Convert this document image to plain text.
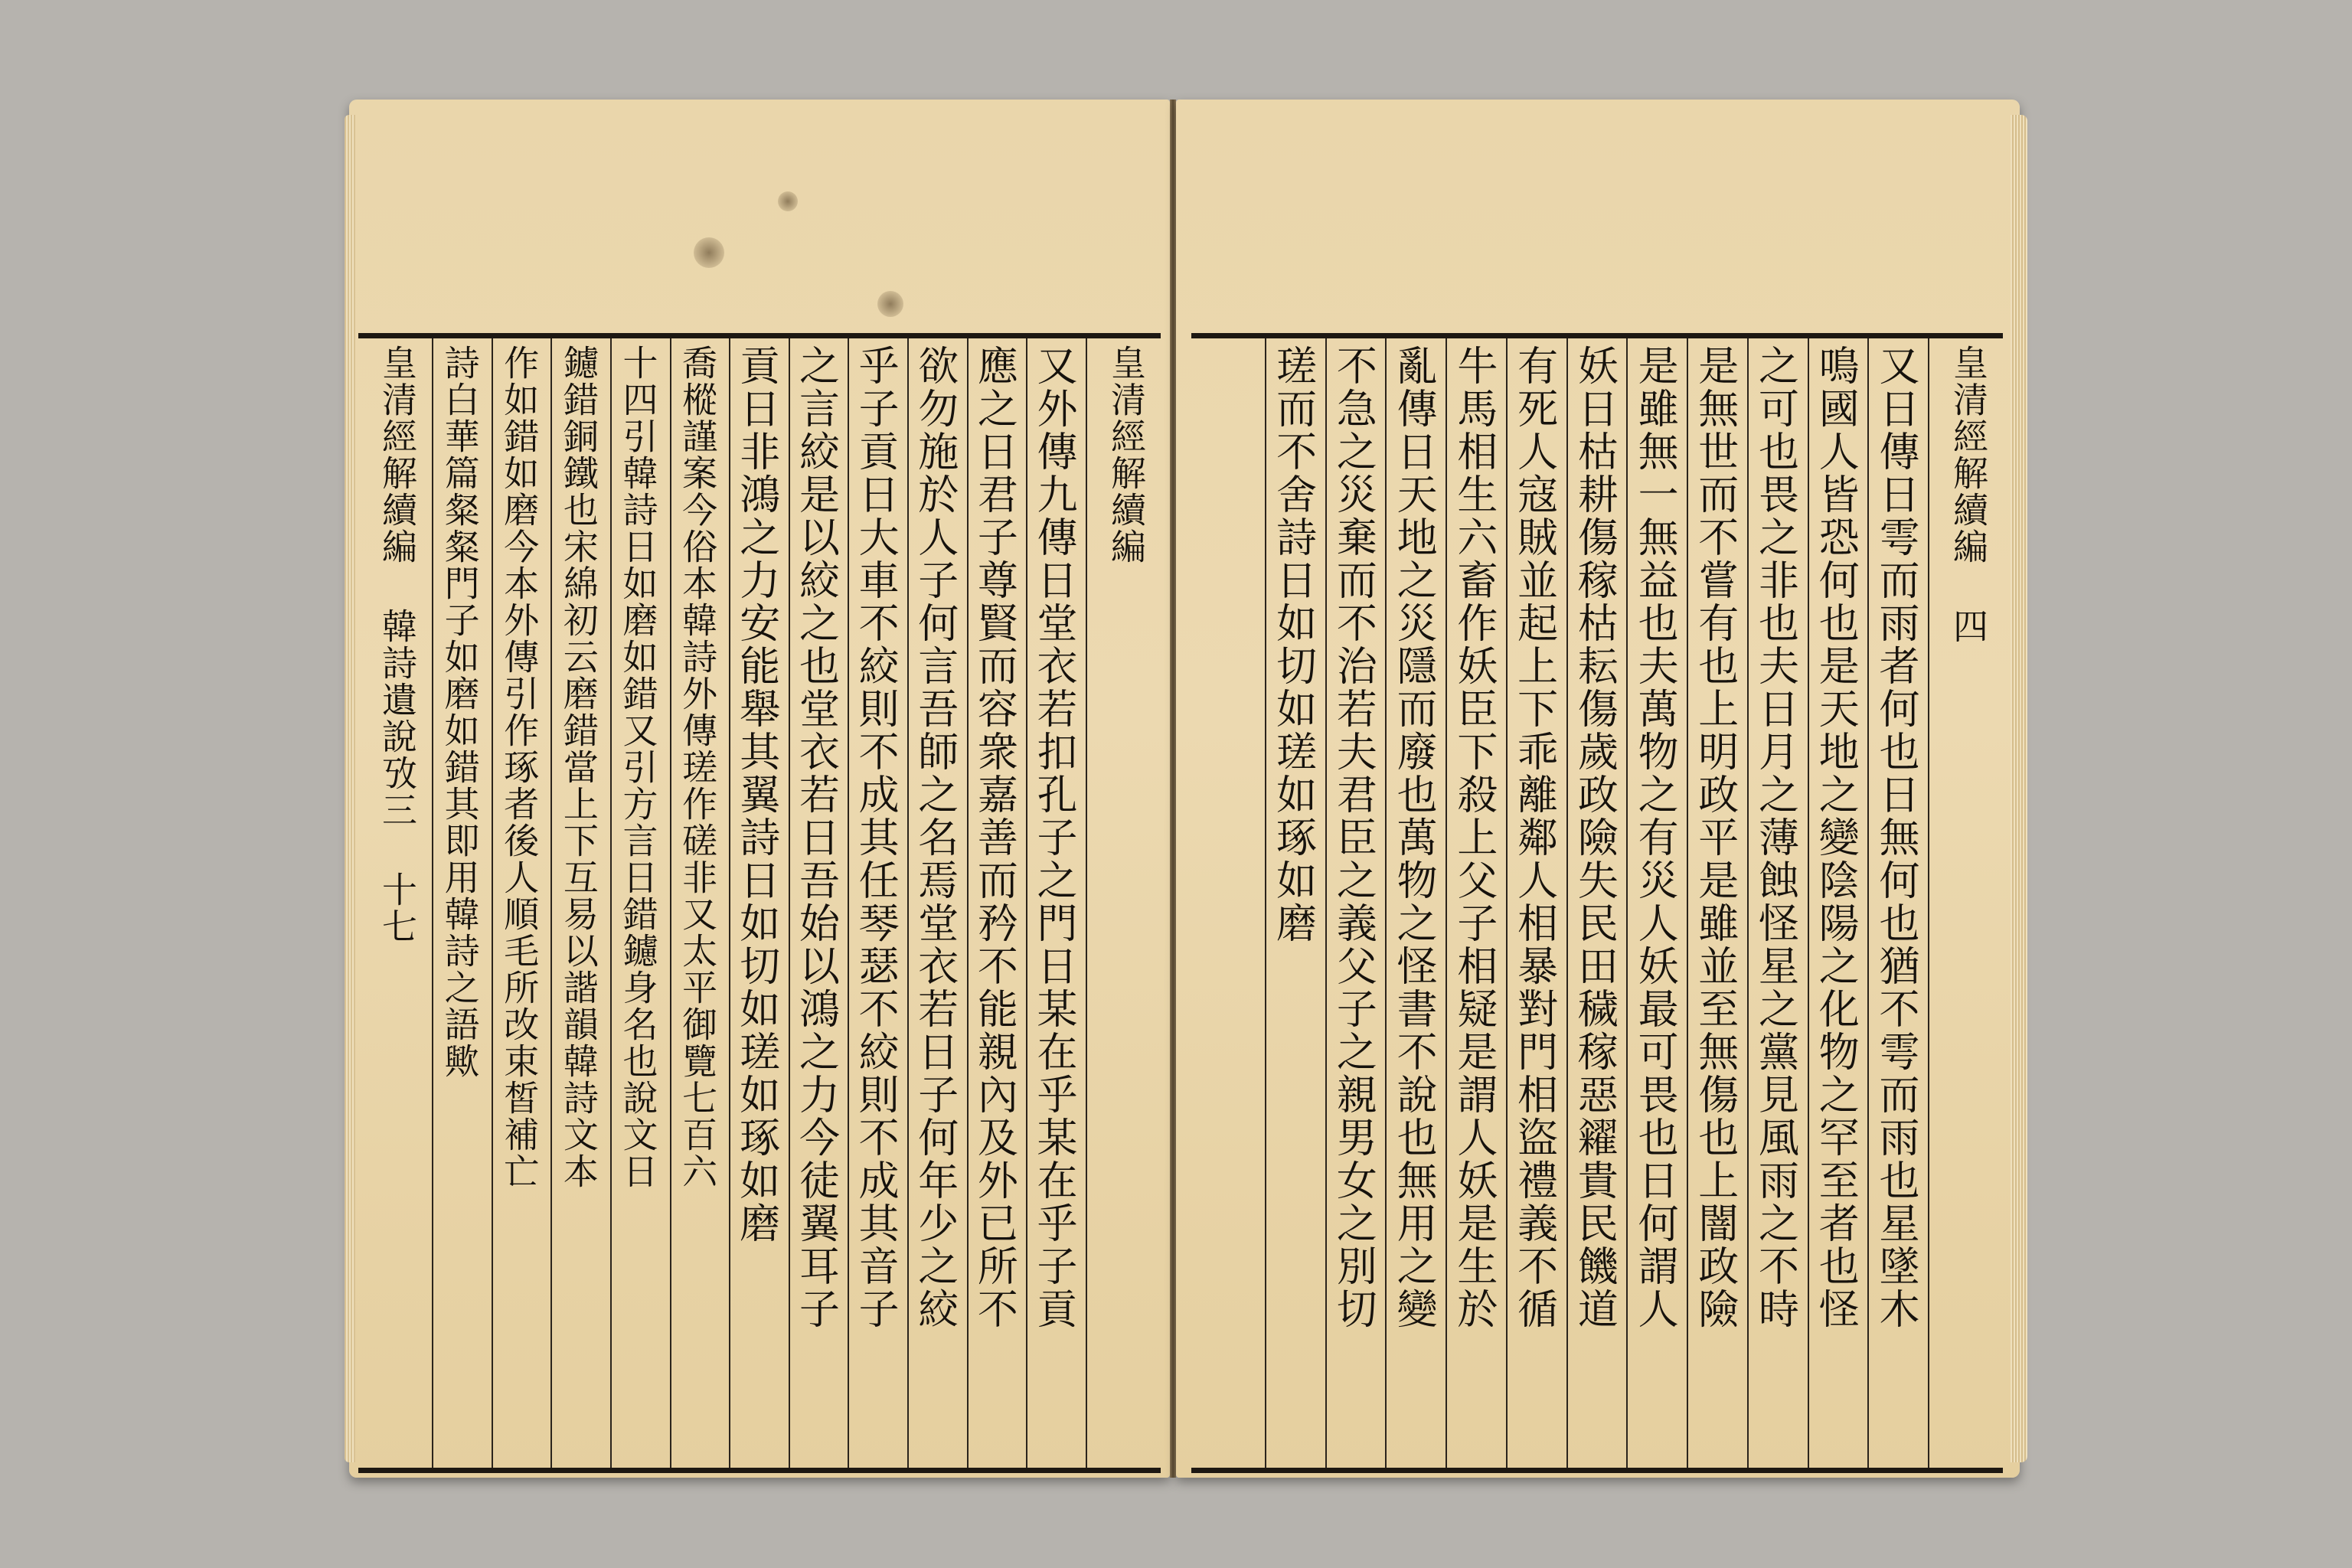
皇清經解續編
又外傳九傳日堂衣若扣孔子之門日某在乎某在乎子貢
應之日君子尊賢而容衆嘉善而矜不能親內及外已所不
欲勿施於人子何言吾師之名焉堂衣若日子何年少之絞
乎子貢日大車不絞則不成其任琴瑟不絞則不成其音子
之言絞是以絞之也堂衣若日吾始以鴻之力今徒翼耳子
貢日非鴻之力安能舉其翼詩日如切如瑳如琢如磨
喬樅謹案今俗本韓詩外傳瑳作磋非又太平御覽七百六
十四引韓詩日如磨如錯又引方言日錯鑢身名也說文日
鑢錯銅鐵也宋綿初云磨錯當上下互易以諧韻韓詩文本
作如錯如磨今本外傳引作琢者後人順毛所改束皙補亡
詩白華篇粲粲門子如磨如錯其即用韓詩之語歟
皇清經解續編 韓詩遺說攷三 十七
皇清經解續編 四
又日傳日雩而雨者何也日無何也猶不雩而雨也星墜木
鳴國人皆恐何也是天地之變陰陽之化物之罕至者也怪
之可也畏之非也夫日月之薄蝕怪星之黨見風雨之不時
是無世而不嘗有也上明政平是雖並至無傷也上闇政險
是雖無一無益也夫萬物之有災人妖最可畏也日何謂人
妖日枯耕傷稼枯耘傷歲政險失民田穢稼惡糴貴民饑道
有死人寇賊並起上下乖離鄰人相暴對門相盜禮義不循
牛馬相生六畜作妖臣下殺上父子相疑是謂人妖是生於
亂傳日天地之災隱而廢也萬物之怪書不說也無用之變
不急之災棄而不治若夫君臣之義父子之親男女之別切
瑳而不舍詩日如切如瑳如琢如磨
